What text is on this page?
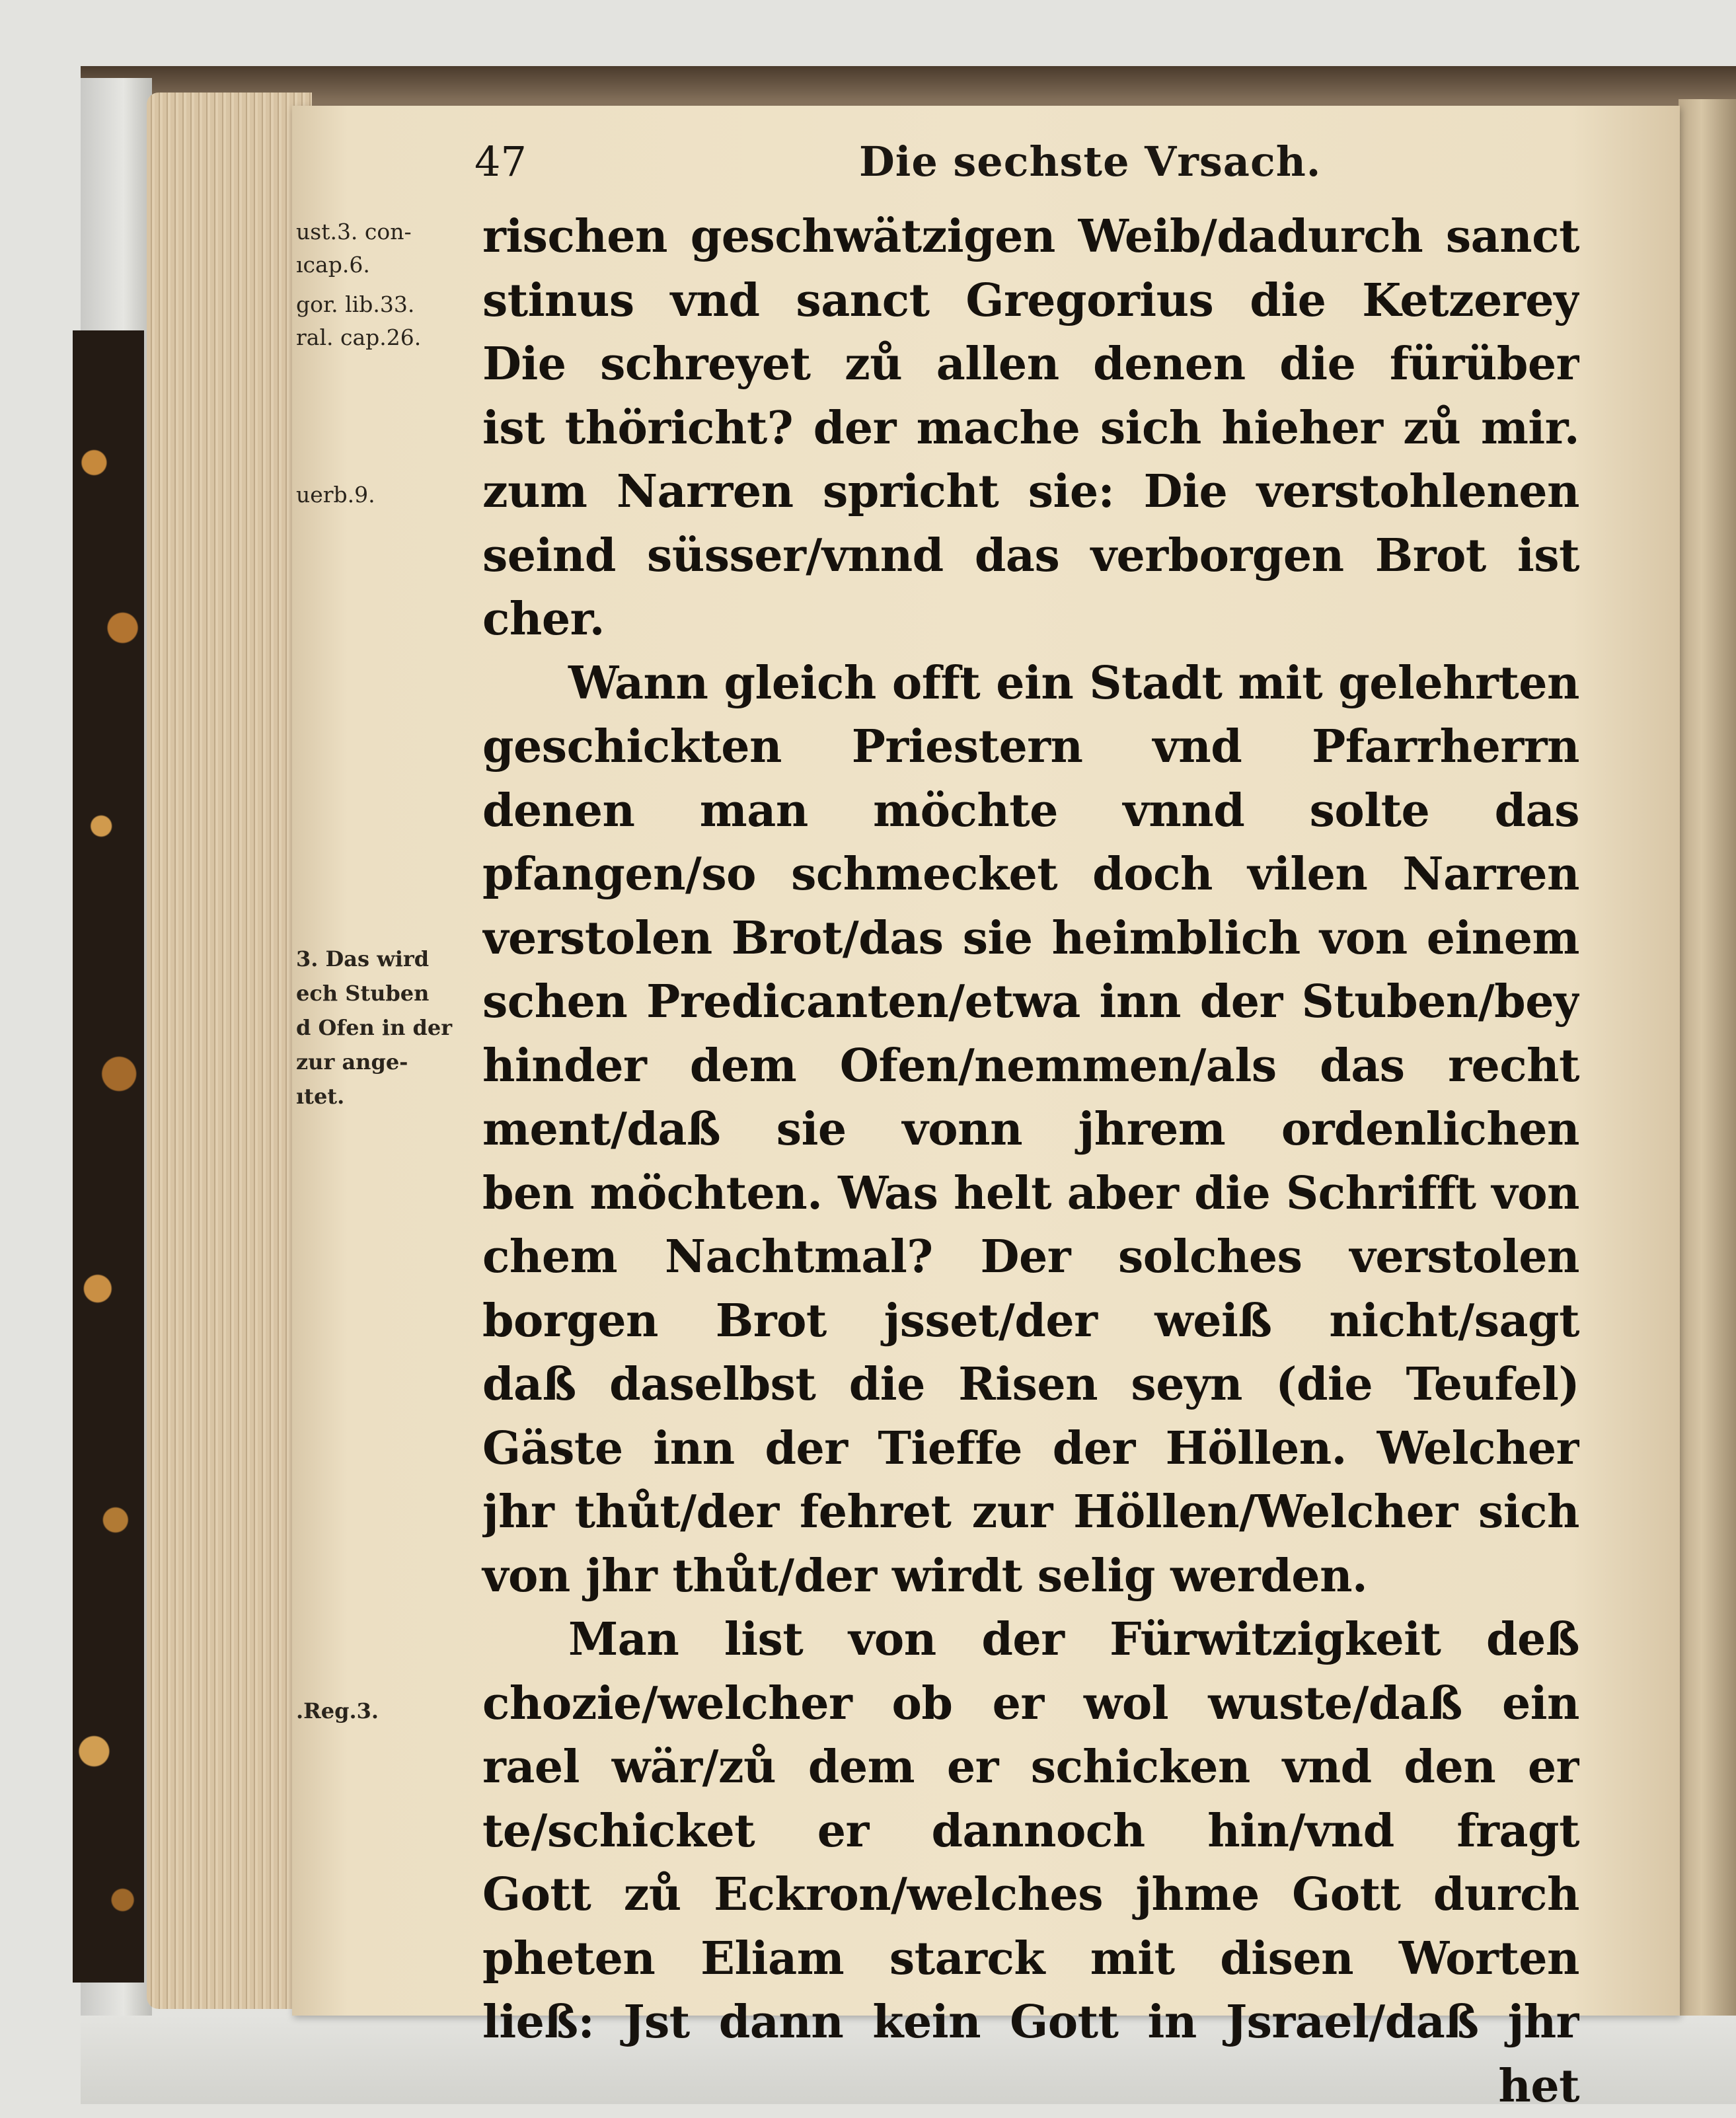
47	Die sechste Vrsach.
ust.3. con-
ıcap.6.
gor. lib.33.
ral. cap.26.
uerb.9.
3. Das wird
ech Stuben
d Ofen in der
zur ange-
ıtet.
.Reg.3.
rischen geschwätzigen Weib/dadurch sanct
stinus vnd sanct Gregorius die Ketzerey
Die schreyet zů allen denen die fürüber
ist thöricht? der mache sich hieher zů mir.
zum Narren spricht sie: Die verstohlenen
seind süsser/vnnd das verborgen Brot ist
cher.
Wann gleich offt ein Stadt mit gelehrten
geschickten Priestern vnd Pfarrherrn
denen man möchte vnnd solte das
pfangen/so schmecket doch vilen Narren
verstolen Brot/das sie heimblich von einem
schen Predicanten/etwa inn der Stuben/bey
hinder dem Ofen/nemmen/als das recht
ment/daß sie vonn jhrem ordenlichen
ben möchten. Was helt aber die Schrifft von
chem Nachtmal? Der solches verstolen
borgen Brot jsset/der weiß nicht/sagt
daß daselbst die Risen seyn (die Teufel)
Gäste inn der Tieffe der Höllen. Welcher
jhr thůt/der fehret zur Höllen/Welcher sich
von jhr thůt/der wirdt selig werden.
Man list von der Fürwitzigkeit deß
chozie/welcher ob er wol wuste/daß ein
rael wär/zů dem er schicken vnd den er
te/schicket er dannoch hin/vnd fragt
Gott zů Eckron/welches jhme Gott durch
pheten Eliam starck mit disen Worten
ließ: Jst dann kein Gott in Jsrael/daß jhr
het
